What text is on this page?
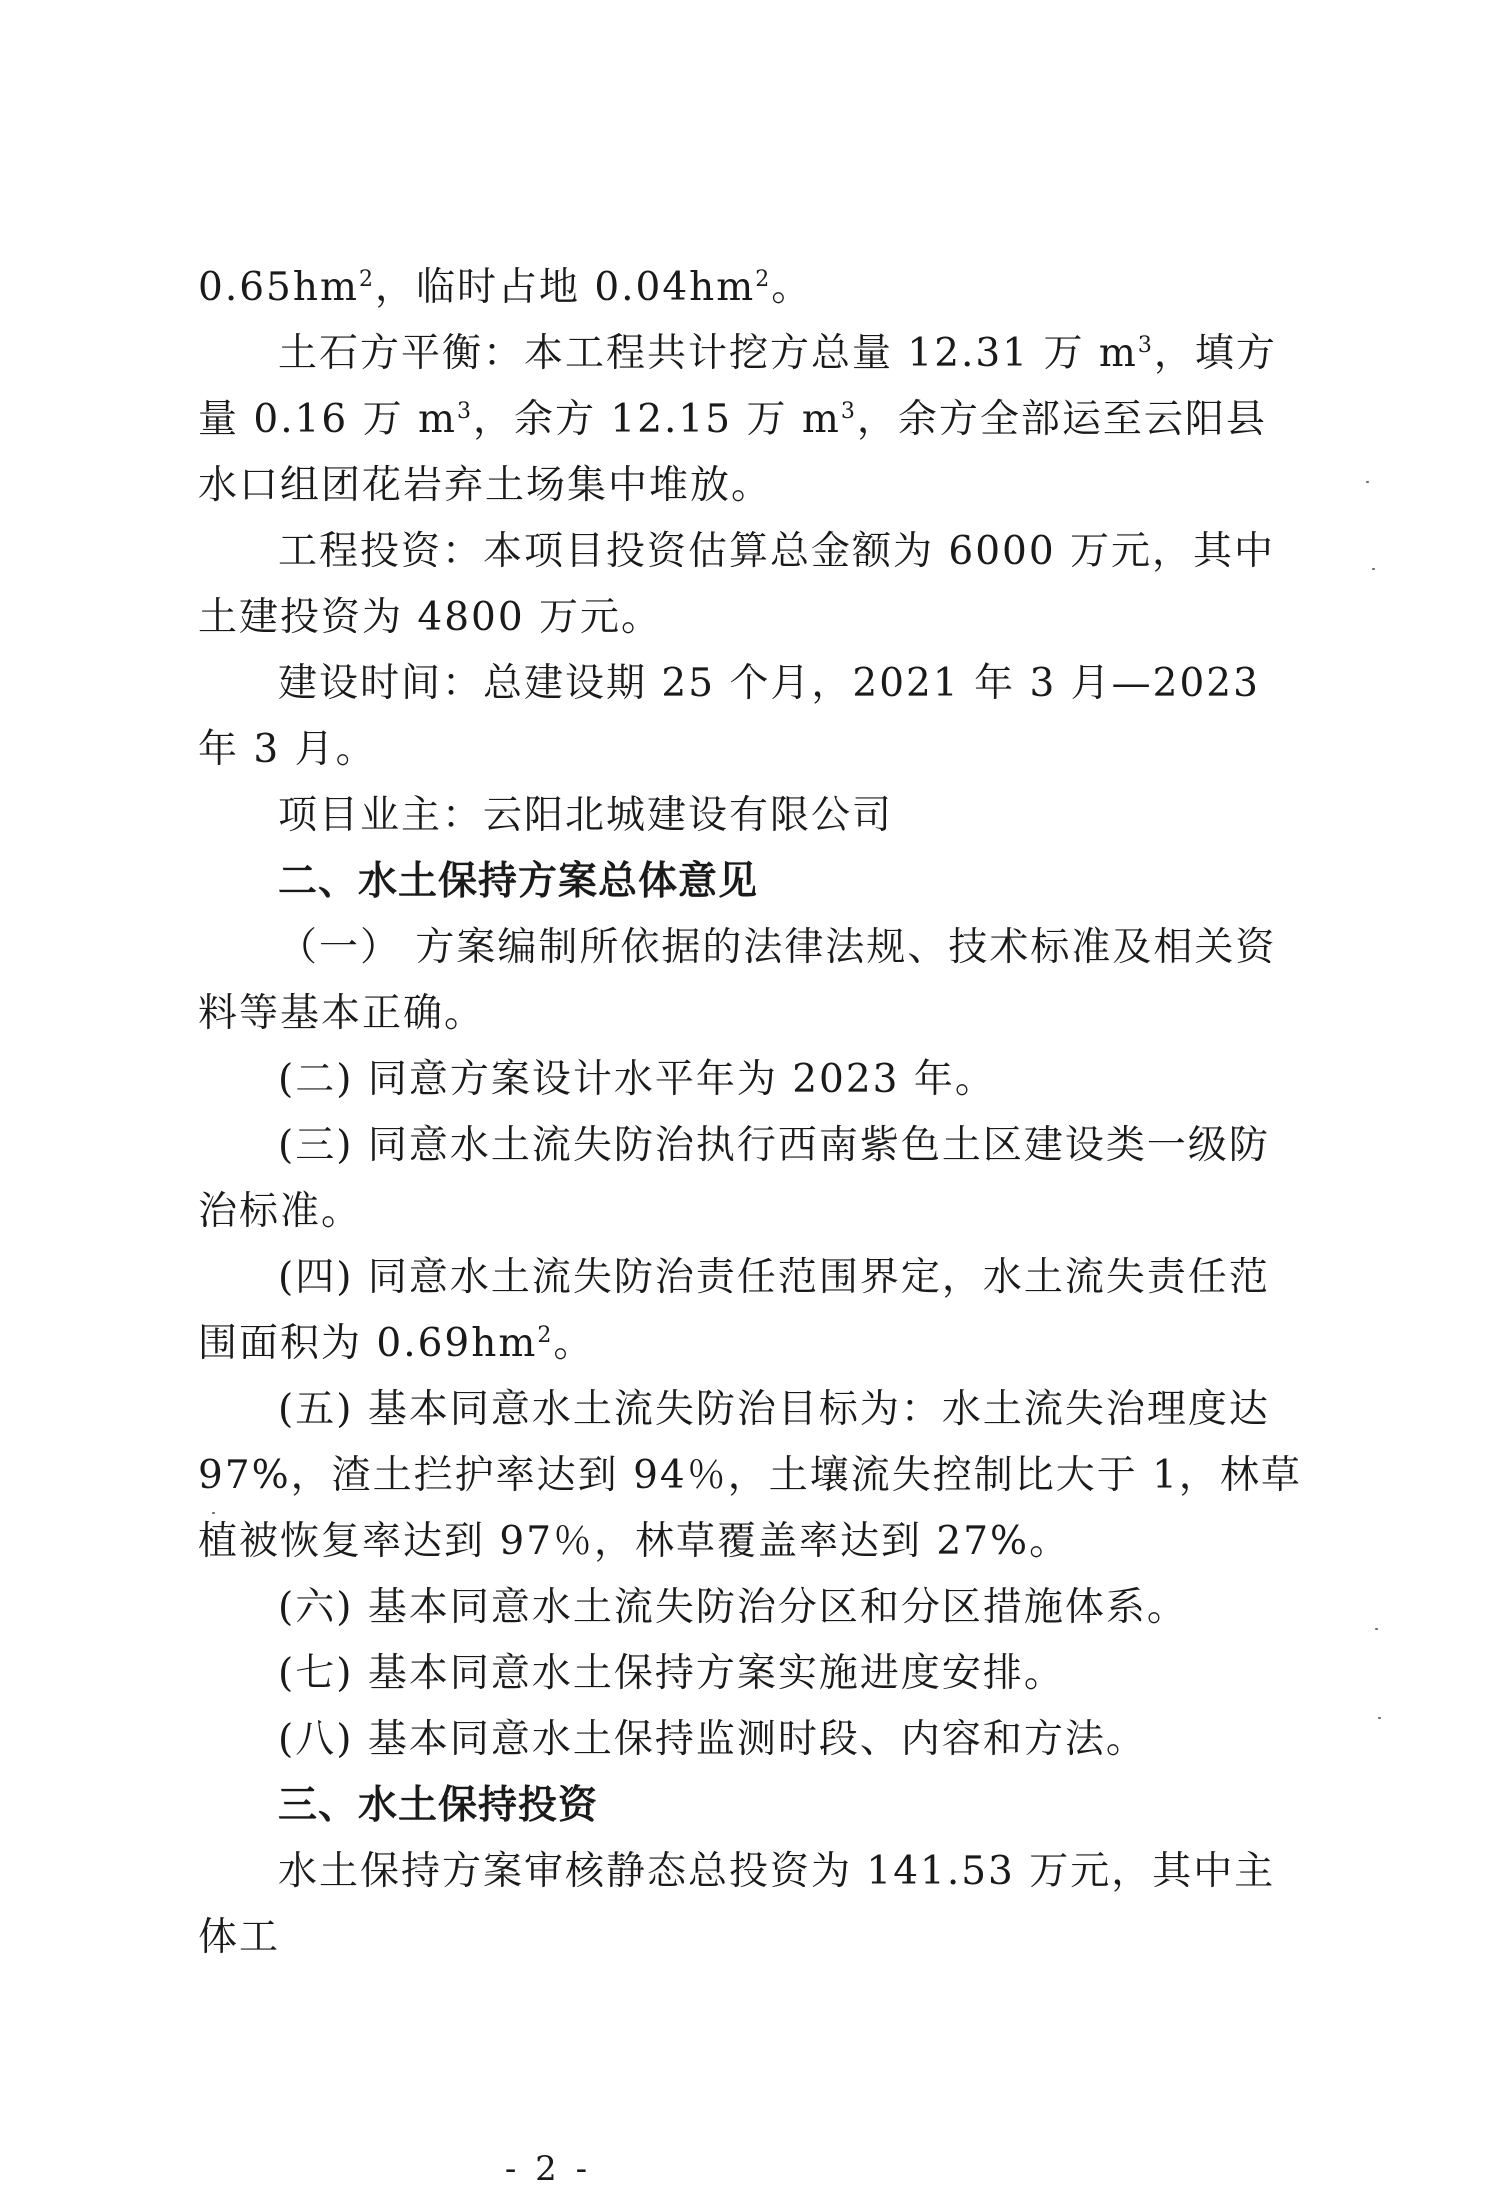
$0.65hm^2$，临时占地 $0.04hm^2$。

土石方平衡：本工程共计挖方总量 12.31 万 $m^3$，填方量 0.16 万 $m^3$，余方 12.15 万 $m^3$，余方全部运至云阳县水口组团花岩弃土场集中堆放。

工程投资：本项目投资估算总金额为 6000 万元，其中土建投资为 4800 万元。

建设时间：总建设期 25 个月，2021 年 3 月—2023 年 3 月。

项目业主：云阳北城建设有限公司

二、水土保持方案总体意见

（一） 方案编制所依据的法律法规、技术标准及相关资料等基本正确。

(二) 同意方案设计水平年为 2023 年。

(三) 同意水土流失防治执行西南紫色土区建设类一级防治标准。

(四) 同意水土流失防治责任范围界定，水土流失责任范围面积为 $0.69hm^2$。

(五) 基本同意水土流失防治目标为：水土流失治理度达 97%，渣土拦护率达到 94％，土壤流失控制比大于 1，林草植被恢复率达到 97％，林草覆盖率达到 27%。

(六) 基本同意水土流失防治分区和分区措施体系。

(七) 基本同意水土保持方案实施进度安排。

(八) 基本同意水土保持监测时段、内容和方法。

三、水土保持投资

水土保持方案审核静态总投资为 141.53 万元，其中主体工

- 2 -
